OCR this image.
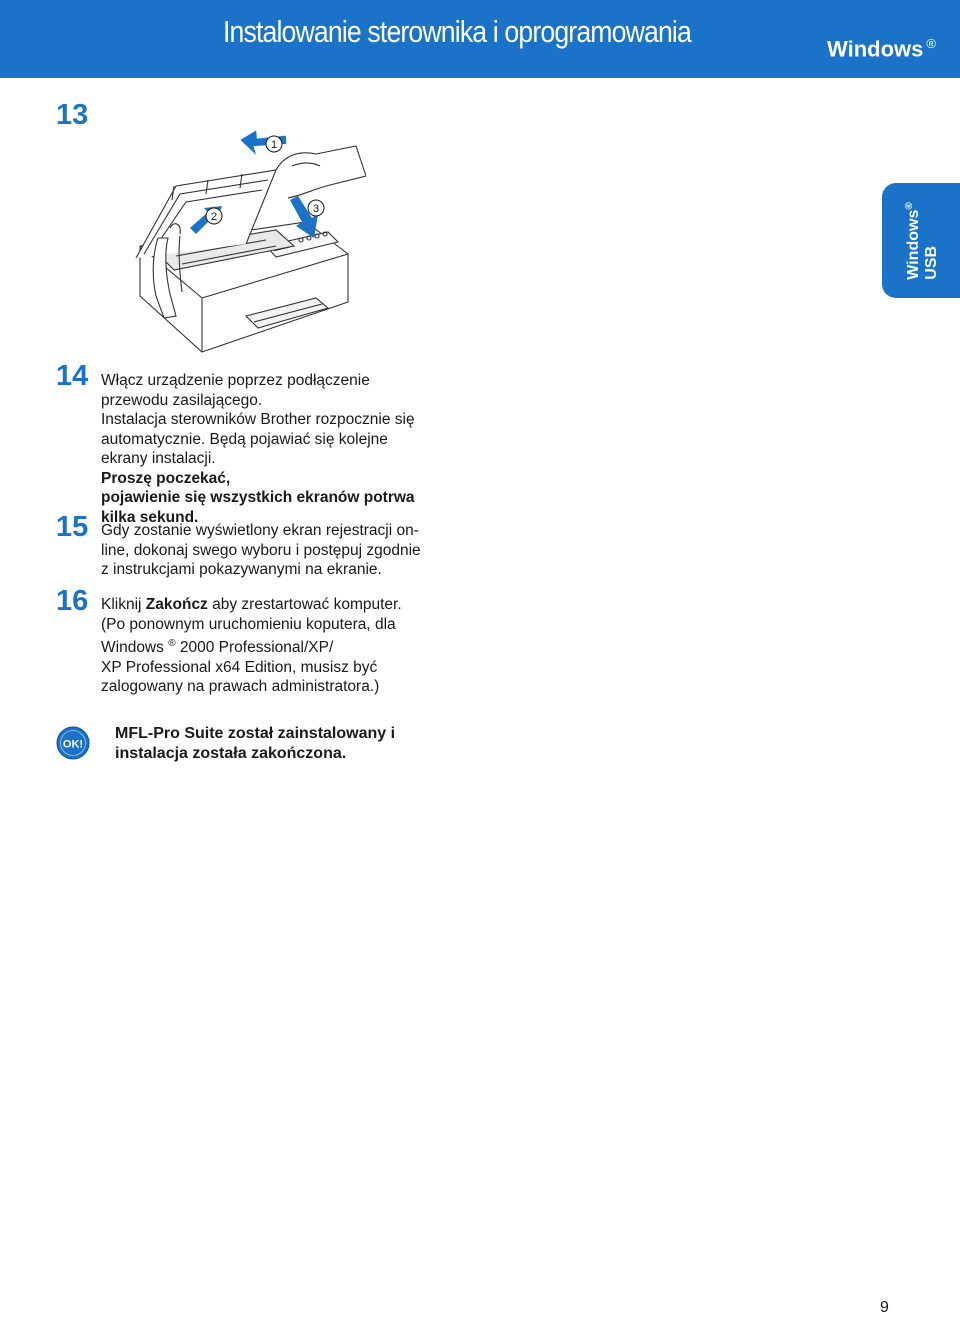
Instalowanie sterownika i oprogramowania	Windows ®
Windows®
USB
13
1
2
3
14 Włącz urządzenie poprzez podłączenie
przewodu zasilającego.
Instalacja sterowników Brother rozpocznie się
automatycznie. Będą pojawiać się kolejne
ekrany instalacji.
Proszę poczekać,
pojawienie się wszystkich ekranów potrwa
kilka sekund.
15 Gdy zostanie wyświetlony ekran rejestracji on-
line, dokonaj swego wyboru i postępuj zgodnie
z instrukcjami pokazywanymi na ekranie.
16 Kliknij Zakończ aby zrestartować komputer.
(Po ponownym uruchomieniu koputera, dla
Windows ® 2000 Professional/XP/
XP Professional x64 Edition, musisz być
zalogowany na prawach administratora.)
OK!
MFL-Pro Suite został zainstalowany i
instalacja została zakończona.
9
